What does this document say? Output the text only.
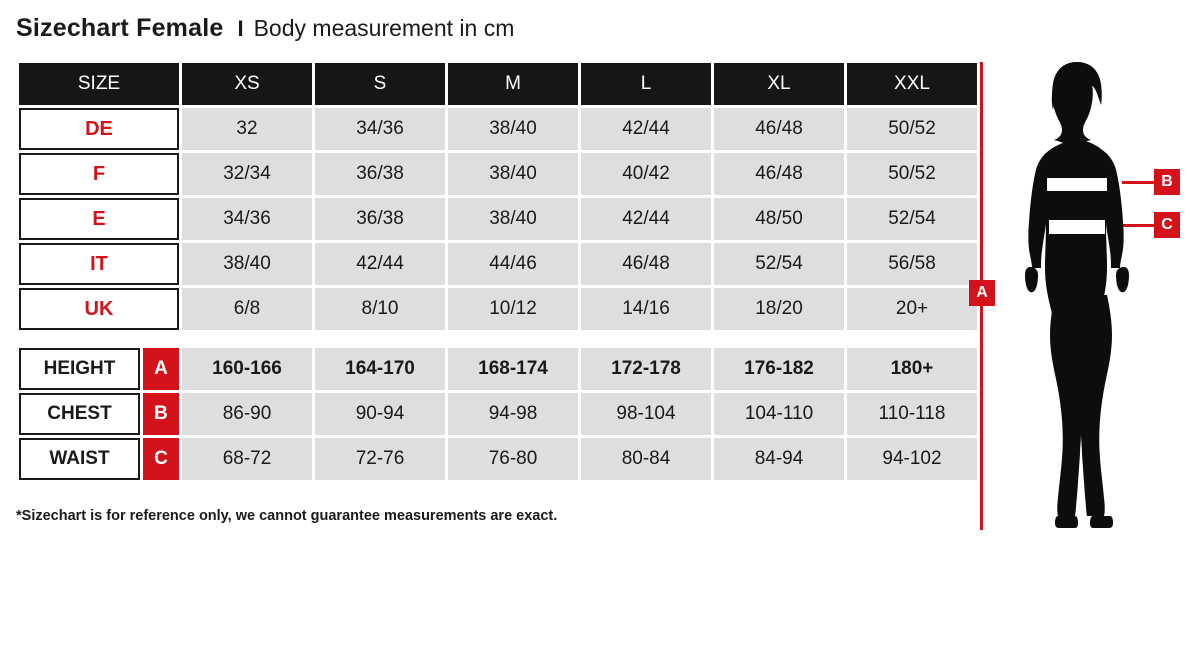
Sizechart Female I Body measurement in cm
SIZE	XS	S	M	L	XL	XXL
DE	32	34/36	38/40	42/44	46/48	50/52
F	32/34	36/38	38/40	40/42	46/48	50/52
E	34/36	36/38	38/40	42/44	48/50	52/54
IT	38/40	42/44	44/46	46/48	52/54	56/58
UK	6/8	8/10	10/12	14/16	18/20	20+

HEIGHT A	160-166	164-170	168-174	172-178	176-182	180+

CHEST B	86-90	90-94	94-98	98-104	104-110	110-118

WAIST C	68-72	72-76	76-80	80-84	84-94	94-102
*Sizechart is for reference only, we cannot guarantee measurements are exact.
A
B
C
